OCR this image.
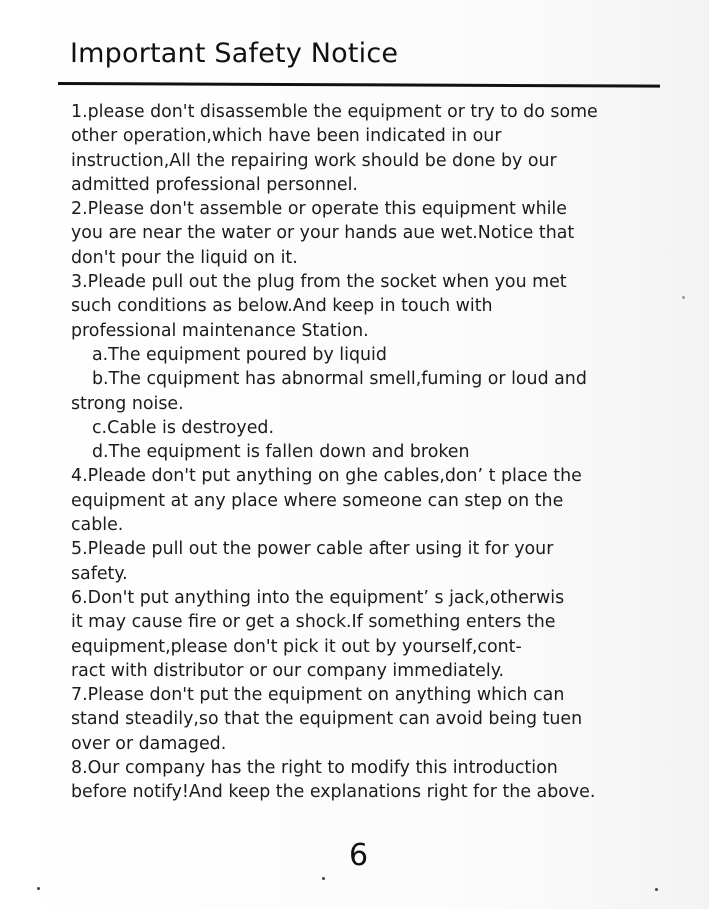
Important Safety Notice
1.please don't disassemble the equipment or try to do some
other operation,which have been indicated in our
instruction,All the repairing work should be done by our
admitted professional personnel.
2.Please don't assemble or operate this equipment while
you are near the water or your hands aue wet.Notice that
don't pour the liquid on it.
3.Pleade pull out the plug from the socket when you met
such conditions as below.And keep in touch with
professional maintenance Station.
a.The equipment poured by liquid
b.The cquipment has abnormal smell,fuming or loud and
strong noise.
c.Cable is destroyed.
d.The equipment is fallen down and broken
4.Pleade don't put anything on ghe cables,don’ t place the
equipment at any place where someone can step on the
cable.
5.Pleade pull out the power cable after using it for your
safety.
6.Don't put anything into the equipment’ s jack,otherwis
it may cause fire or get a shock.If something enters the
equipment,please don't pick it out by yourself,cont-
ract with distributor or our company immediately.
7.Please don't put the equipment on anything which can
stand steadily,so that the equipment can avoid being tuen
over or damaged.
8.Our company has the right to modify this introduction
before notify!And keep the explanations right for the above.
6
